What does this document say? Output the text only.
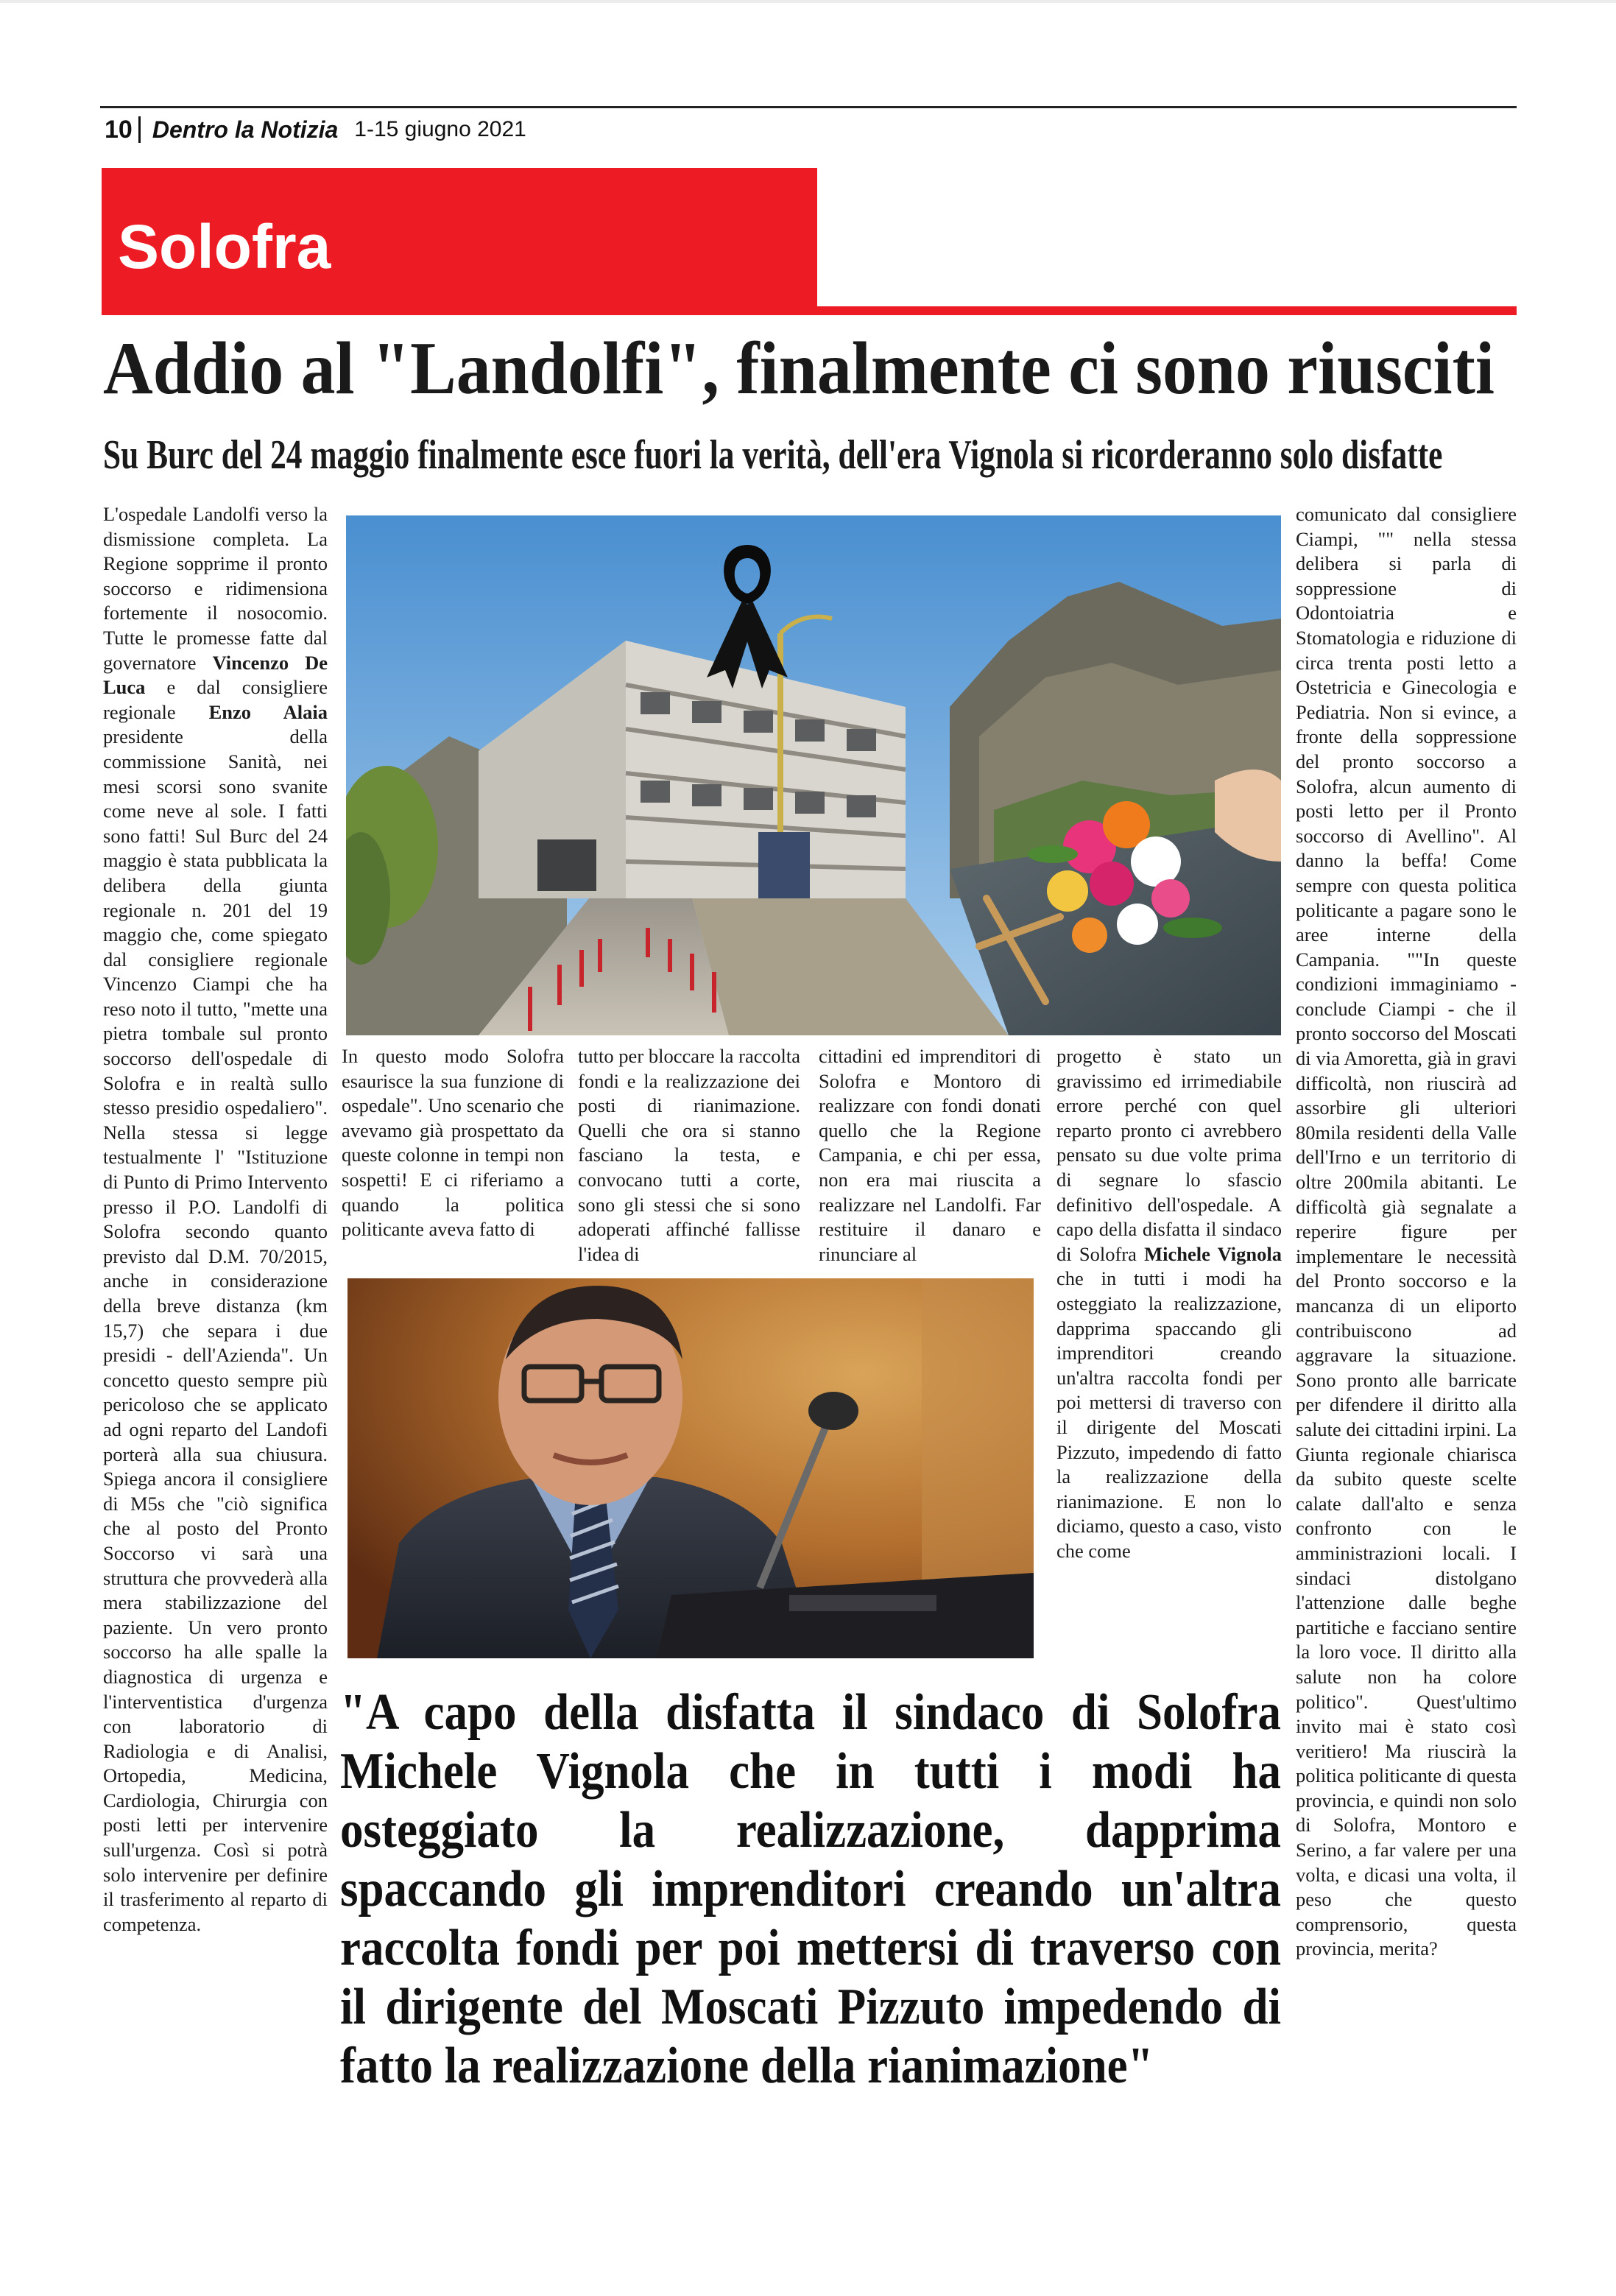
10 Dentro la Notizia 1-15 giugno 2021
Solofra
Addio al "Landolfi", finalmente ci sono riusciti
Su Burc del 24 maggio finalmente esce fuori la verità, dell'era Vignola si ricorderanno solo disfatte
L'ospedale Landolfi verso la dismissione completa. La Regione sopprime il pronto soccorso e ridimensiona fortemente il nosocomio. Tutte le promesse fatte dal governatore Vincenzo De Luca e dal consigliere regionale Enzo Alaia presidente della commissione Sanità, nei mesi scorsi sono svanite come neve al sole. I fatti sono fatti! Sul Burc del 24 maggio è stata pubblicata la delibera della giunta regionale n. 201 del 19 maggio che, come spiegato dal consigliere regionale Vincenzo Ciampi che ha reso noto il tutto, "mette una pietra tombale sul pronto soccorso dell'ospedale di Solofra e in realtà sullo stesso presidio ospedaliero". Nella stessa si legge testualmente l' "Istituzione di Punto di Primo Intervento presso il P.O. Landolfi di Solofra secondo quanto previsto dal D.M. 70/2015, anche in considerazione della breve distanza (km 15,7) che separa i due presidi - dell'Azienda". Un concetto questo sempre più pericoloso che se applicato ad ogni reparto del Landofi porterà alla sua chiusura. Spiega ancora il consigliere di M5s che "ciò significa che al posto del Pronto Soccorso vi sarà una struttura che provvederà alla mera stabilizzazione del paziente. Un vero pronto soccorso ha alle spalle la diagnostica di urgenza e l'interventistica d'urgenza con laboratorio di Radiologia e di Analisi, Ortopedia, Medicina, Cardiologia, Chirurgia con posti letti per intervenire sull'urgenza. Così si potrà solo intervenire per definire il trasferimento al reparto di competenza.
In questo modo Solofra esaurisce la sua funzione di ospedale". Uno scenario che avevamo già prospettato da queste colonne in tempi non sospetti! E ci riferiamo a quando la politica politicante aveva fatto di
tutto per bloccare la raccolta fondi e la realizzazione dei posti di rianimazione. Quelli che ora si stanno fasciano la testa, e convocano tutti a corte, sono gli stessi che si sono adoperati affinché fallisse l'idea di
cittadini ed imprenditori di Solofra e Montoro di realizzare con fondi donati quello che la Regione Campania, e chi per essa, non era mai riuscita a realizzare nel Landolfi. Far restituire il danaro e rinunciare al
progetto è stato un gravissimo ed irrimediabile errore perché con quel reparto pronto ci avrebbero pensato su due volte prima di segnare lo sfascio definitivo dell'ospedale. A capo della disfatta il sindaco di Solofra Michele Vignola che in tutti i modi ha osteggiato la realizzazione, dapprima spaccando gli imprenditori creando un'altra raccolta fondi per poi mettersi di traverso con il dirigente del Moscati Pizzuto, impedendo di fatto la realizzazione della rianimazione. E non lo diciamo, questo a caso, visto che come
comunicato dal consigliere Ciampi, "" nella stessa delibera si parla di soppressione di Odontoiatria e Stomatologia e riduzione di circa trenta posti letto a Ostetricia e Ginecologia e Pediatria. Non si evince, a fronte della soppressione del pronto soccorso a Solofra, alcun aumento di posti letto per il Pronto soccorso di Avellino". Al danno la beffa! Come sempre con questa politica politicante a pagare sono le aree interne della Campania. ""In queste condizioni immaginiamo - conclude Ciampi - che il pronto soccorso del Moscati di via Amoretta, già in gravi difficoltà, non riuscirà ad assorbire gli ulteriori 80mila residenti della Valle dell'Irno e un territorio di oltre 200mila abitanti. Le difficoltà già segnalate a reperire figure per implementare le necessità del Pronto soccorso e la mancanza di un eliporto contribuiscono ad aggravare la situazione. Sono pronto alle barricate per difendere il diritto alla salute dei cittadini irpini. La Giunta regionale chiarisca da subito queste scelte calate dall'alto e senza confronto con le amministrazioni locali. I sindaci distolgano l'attenzione dalle beghe partitiche e facciano sentire la loro voce. Il diritto alla salute non ha colore politico". Quest'ultimo invito mai è stato così veritiero! Ma riuscirà la politica politicante di questa provincia, e quindi non solo di Solofra, Montoro e Serino, a far valere per una volta, e dicasi una volta, il peso che questo comprensorio, questa provincia, merita?
"A capo della disfatta il sindaco di Solofra Michele Vignola che in tutti i modi ha osteggiato la realizzazione, dapprima spaccando gli imprenditori creando un'altra raccolta fondi per poi mettersi di traverso con il dirigente del Moscati Pizzuto impedendo di fatto la realizzazione della rianimazione"
